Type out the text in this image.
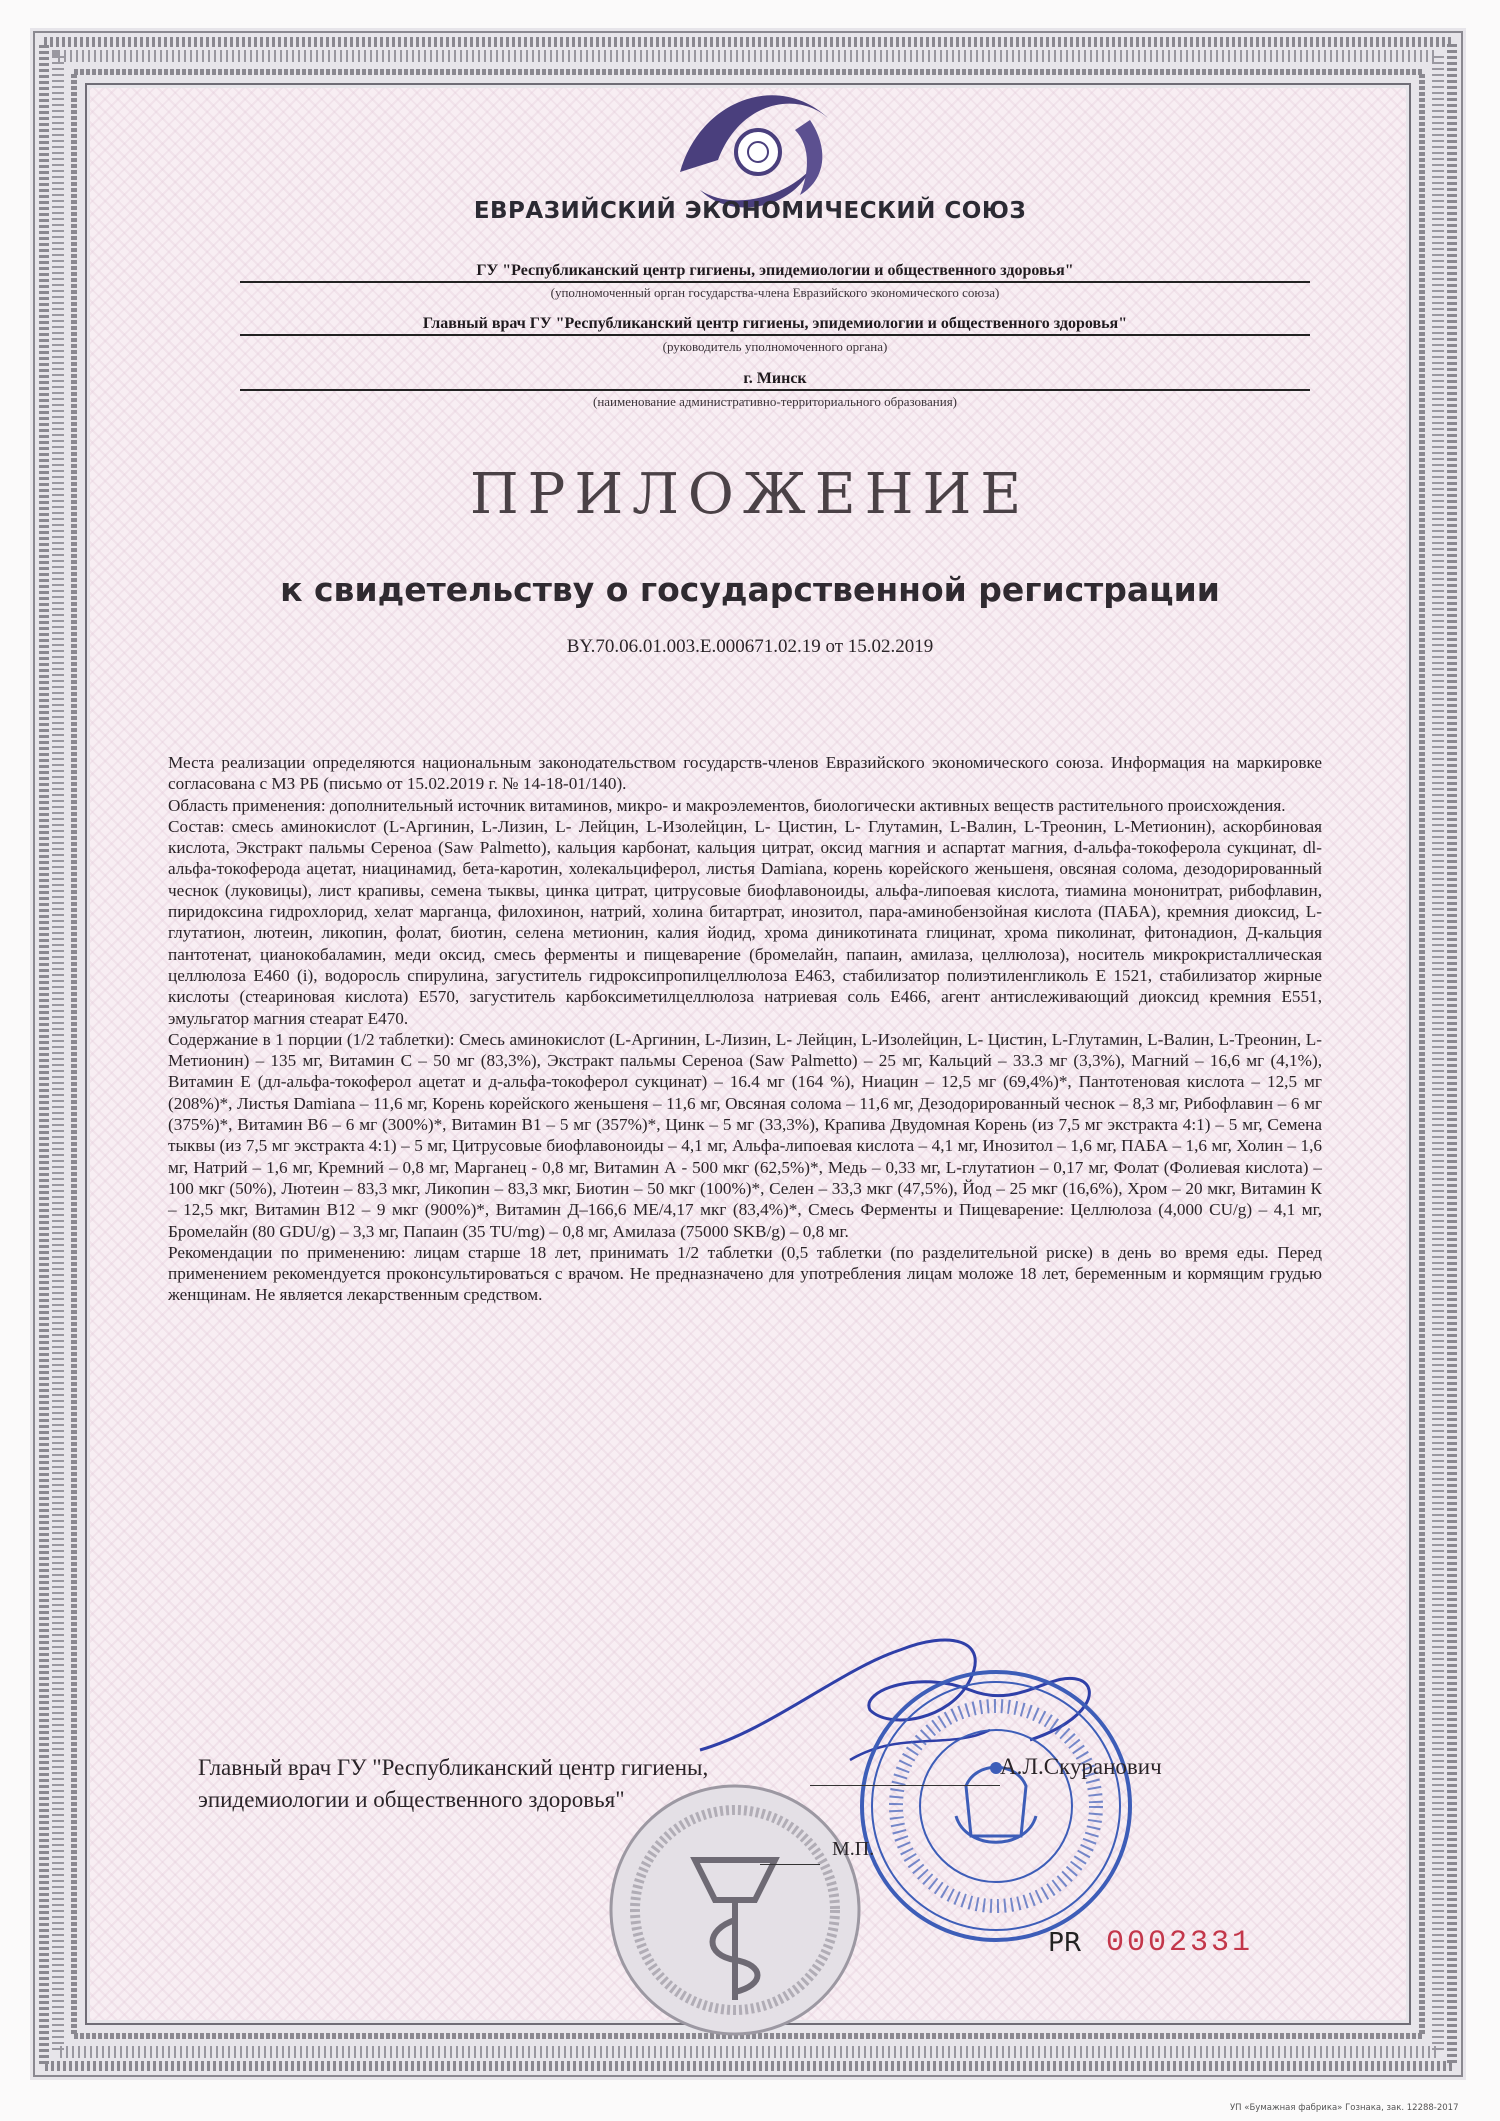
ЕВРАЗИЙСКИЙ ЭКОНОМИЧЕСКИЙ СОЮЗ
ГУ "Республиканский центр гигиены, эпидемиологии и общественного здоровья"
(уполномоченный орган государства-члена Евразийского экономического союза)
Главный врач ГУ "Республиканский центр гигиены, эпидемиологии и общественного здоровья"
(руководитель уполномоченного органа)
г. Минск
(наименование административно-территориального образования)
ПРИЛОЖЕНИЕ
к свидетельству о государственной регистрации
BY.70.06.01.003.E.000671.02.19 от 15.02.2019

Места реализации определяются национальным законодательством государств-членов Евразийского экономического союза. Информация на маркировке согласована с МЗ РБ (письмо от 15.02.2019 г. № 14-18-01/140).

Область применения: дополнительный источник витаминов, микро- и макроэлементов, биологически активных веществ растительного происхождения.

Состав: смесь аминокислот (L-Аргинин, L-Лизин, L- Лейцин, L-Изолейцин, L- Цистин, L- Глутамин, L-Валин, L-Треонин, L-Метионин), аскорбиновая кислота, Экстракт пальмы Сереноа (Saw Palmetto), кальция карбонат, кальция цитрат, оксид магния и аспартат магния, d-альфа-токоферола сукцинат, dl-альфа-токоферода ацетат, ниацинамид, бета-каротин, холекальциферол, листья Damiana, корень корейского женьшеня, овсяная солома, дезодорированный чеснок (луковицы), лист крапивы, семена тыквы, цинка цитрат, цитрусовые биофлавоноиды, альфа-липоевая кислота, тиамина мононитрат, рибофлавин, пиридоксина гидрохлорид, хелат марганца, филохинон, натрий, холина битартрат, инозитол, пара-аминобензойная кислота (ПАБА), кремния диоксид, L-глутатион, лютеин, ликопин, фолат, биотин, селена метионин, калия йодид, хрома диникотината глицинат, хрома пиколинат, фитонадион, Д-кальция пантотенат, цианокобаламин, меди оксид, смесь ферменты и пищеварение (бромелайн, папаин, амилаза, целлюлоза), носитель микрокристаллическая целлюлоза Е460 (i), водоросль спирулина, загуститель гидроксипропилцеллюлоза Е463, стабилизатор полиэтиленгликоль Е 1521, стабилизатор жирные кислоты (стеариновая кислота) Е570, загуститель карбоксиметилцеллюлоза натриевая соль Е466, агент антислеживающий диоксид кремния Е551, эмульгатор магния стеарат Е470.

Содержание в 1 порции (1/2 таблетки): Смесь аминокислот (L-Аргинин, L-Лизин, L- Лейцин, L-Изолейцин, L- Цистин, L-Глутамин, L-Валин, L-Треонин, L-Метионин) – 135 мг, Витамин С – 50 мг (83,3%), Экстракт пальмы Сереноа (Saw Palmetto) – 25 мг, Кальций – 33.3 мг (3,3%), Магний – 16,6 мг (4,1%), Витамин Е (дл-альфа-токоферол ацетат и д-альфа-токоферол сукцинат) – 16.4 мг (164 %), Ниацин – 12,5 мг (69,4%)*, Пантотеновая кислота – 12,5 мг (208%)*, Листья Damiana – 11,6 мг, Корень корейского женьшеня – 11,6 мг, Овсяная солома – 11,6 мг, Дезодорированный чеснок – 8,3 мг, Рибофлавин – 6 мг (375%)*, Витамин В6 – 6 мг (300%)*, Витамин В1 – 5 мг (357%)*, Цинк – 5 мг (33,3%), Крапива Двудомная Корень (из 7,5 мг экстракта 4:1) – 5 мг, Семена тыквы (из 7,5 мг экстракта 4:1) – 5 мг, Цитрусовые биофлавоноиды – 4,1 мг, Альфа-липоевая кислота – 4,1 мг, Инозитол – 1,6 мг, ПАБА – 1,6 мг, Холин – 1,6 мг, Натрий – 1,6 мг, Кремний – 0,8 мг, Марганец - 0,8 мг, Витамин А - 500 мкг (62,5%)*, Медь – 0,33 мг, L-глутатион – 0,17 мг, Фолат (Фолиевая кислота) – 100 мкг (50%), Лютеин – 83,3 мкг, Ликопин – 83,3 мкг, Биотин – 50 мкг (100%)*, Селен – 33,3 мкг (47,5%), Йод – 25 мкг (16,6%), Хром – 20 мкг, Витамин К – 12,5 мкг, Витамин В12 – 9 мкг (900%)*, Витамин Д–166,6 МЕ/4,17 мкг (83,4%)*, Смесь Ферменты и Пищеварение: Целлюлоза (4,000 CU/g) – 4,1 мг, Бромелайн (80 GDU/g) – 3,3 мг, Папаин (35 TU/mg) – 0,8 мг, Амилаза (75000 SKB/g) – 0,8 мг.

Рекомендации по применению: лицам старше 18 лет, принимать 1/2 таблетки (0,5 таблетки (по разделительной риске) в день во время еды. Перед применением рекомендуется проконсультироваться с врачом. Не предназначено для употребления лицам моложе 18 лет, беременным и кормящим грудью женщинам. Не является лекарственным средством.

Главный врач ГУ "Республиканский центр гигиены, эпидемиологии и общественного здоровья"
А.Л.Скуранович
М.П.
PR 0002331
УП «Бумажная фабрика» Гознака, зак. 12288-2017
